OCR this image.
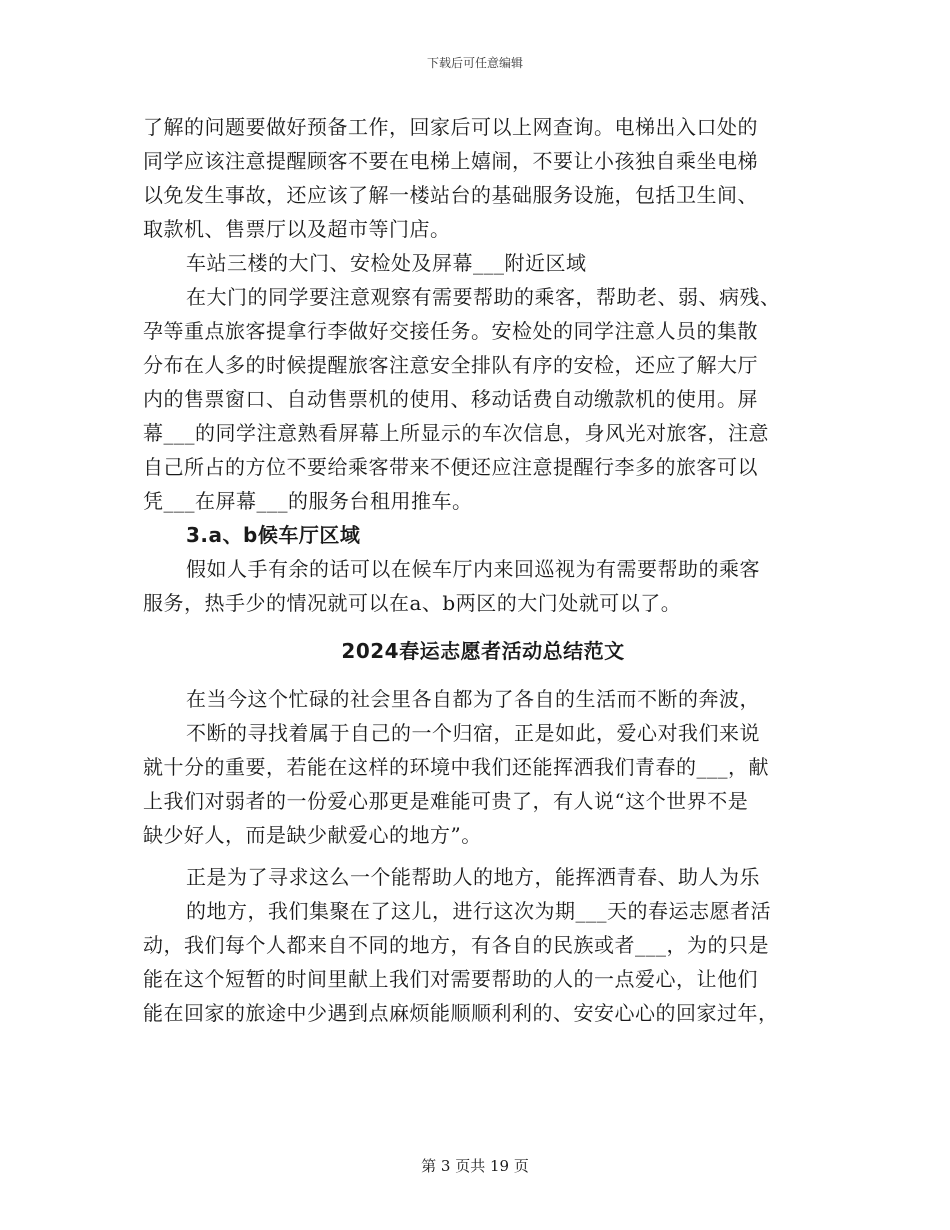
下载后可任意编辑
了解的问题要做好预备工作，回家后可以上网查询。电梯出入口处的
同学应该注意提醒顾客不要在电梯上嬉闹，不要让小孩独自乘坐电梯
以免发生事故，还应该了解一楼站台的基础服务设施，包括卫生间、
取款机、售票厅以及超市等门店。
车站三楼的大门、安检处及屏幕___附近区域
在大门的同学要注意观察有需要帮助的乘客，帮助老、弱、病残、
孕等重点旅客提拿行李做好交接任务。安检处的同学注意人员的集散
分布在人多的时候提醒旅客注意安全排队有序的安检，还应了解大厅
内的售票窗口、自动售票机的使用、移动话费自动缴款机的使用。屏
幕___的同学注意熟看屏幕上所显示的车次信息，身风光对旅客，注意
自己所占的方位不要给乘客带来不便还应注意提醒行李多的旅客可以
凭___在屏幕___的服务台租用推车。
3.a、b候车厅区域
假如人手有余的话可以在候车厅内来回巡视为有需要帮助的乘客
服务，热手少的情况就可以在a、b两区的大门处就可以了。
2024春运志愿者活动总结范文
在当今这个忙碌的社会里各自都为了各自的生活而不断的奔波，
不断的寻找着属于自己的一个归宿，正是如此，爱心对我们来说
就十分的重要，若能在这样的环境中我们还能挥洒我们青春的___，献
上我们对弱者的一份爱心那更是难能可贵了，有人说“这个世界不是
缺少好人，而是缺少献爱心的地方”。
正是为了寻求这么一个能帮助人的地方，能挥洒青春、助人为乐
的地方，我们集聚在了这儿，进行这次为期___天的春运志愿者活
动，我们每个人都来自不同的地方，有各自的民族或者___，为的只是
能在这个短暂的时间里献上我们对需要帮助的人的一点爱心，让他们
能在回家的旅途中少遇到点麻烦能顺顺利利的、安安心心的回家过年，
第 3 页共 19 页
